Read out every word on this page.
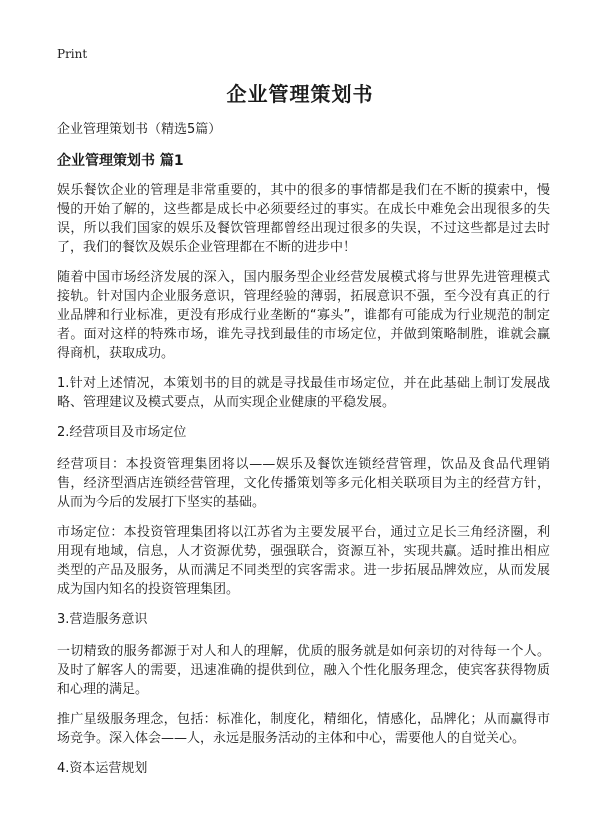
Print
企业管理策划书

企业管理策划书（精选5篇）

企业管理策划书 篇1

娱乐餐饮企业的管理是非常重要的，其中的很多的事情都是我们在不断的摸索中，慢慢的开始了解的，这些都是成长中必须要经过的事实。在成长中难免会出现很多的失误，所以我们国家的娱乐及餐饮管理都曾经出现过很多的失误，不过这些都是过去时了，我们的餐饮及娱乐企业管理都在不断的进步中！

随着中国市场经济发展的深入，国内服务型企业经营发展模式将与世界先进管理模式接轨。针对国内企业服务意识，管理经验的薄弱，拓展意识不强，至今没有真正的行业品牌和行业标准，更没有形成行业垄断的“寡头”，谁都有可能成为行业规范的制定者。面对这样的特殊市场，谁先寻找到最佳的市场定位，并做到策略制胜，谁就会赢得商机，获取成功。

1.针对上述情况，本策划书的目的就是寻找最佳市场定位，并在此基础上制订发展战略、管理建议及模式要点，从而实现企业健康的平稳发展。

2.经营项目及市场定位

经营项目：本投资管理集团将以——娱乐及餐饮连锁经营管理，饮品及食品代理销售，经济型酒店连锁经营管理，文化传播策划等多元化相关联项目为主的经营方针，从而为今后的发展打下坚实的基础。

市场定位：本投资管理集团将以江苏省为主要发展平台，通过立足长三角经济圈，利用现有地域，信息，人才资源优势，强强联合，资源互补，实现共赢。适时推出相应类型的产品及服务，从而满足不同类型的宾客需求。进一步拓展品牌效应，从而发展成为国内知名的投资管理集团。

3.营造服务意识

一切精致的服务都源于对人和人的理解，优质的服务就是如何亲切的对待每一个人。及时了解客人的需要，迅速准确的提供到位，融入个性化服务理念，使宾客获得物质和心理的满足。

推广星级服务理念，包括：标准化，制度化，精细化，情感化，品牌化；从而赢得市场竞争。深入体会——人，永远是服务活动的主体和中心，需要他人的自觉关心。

4.资本运营规划
